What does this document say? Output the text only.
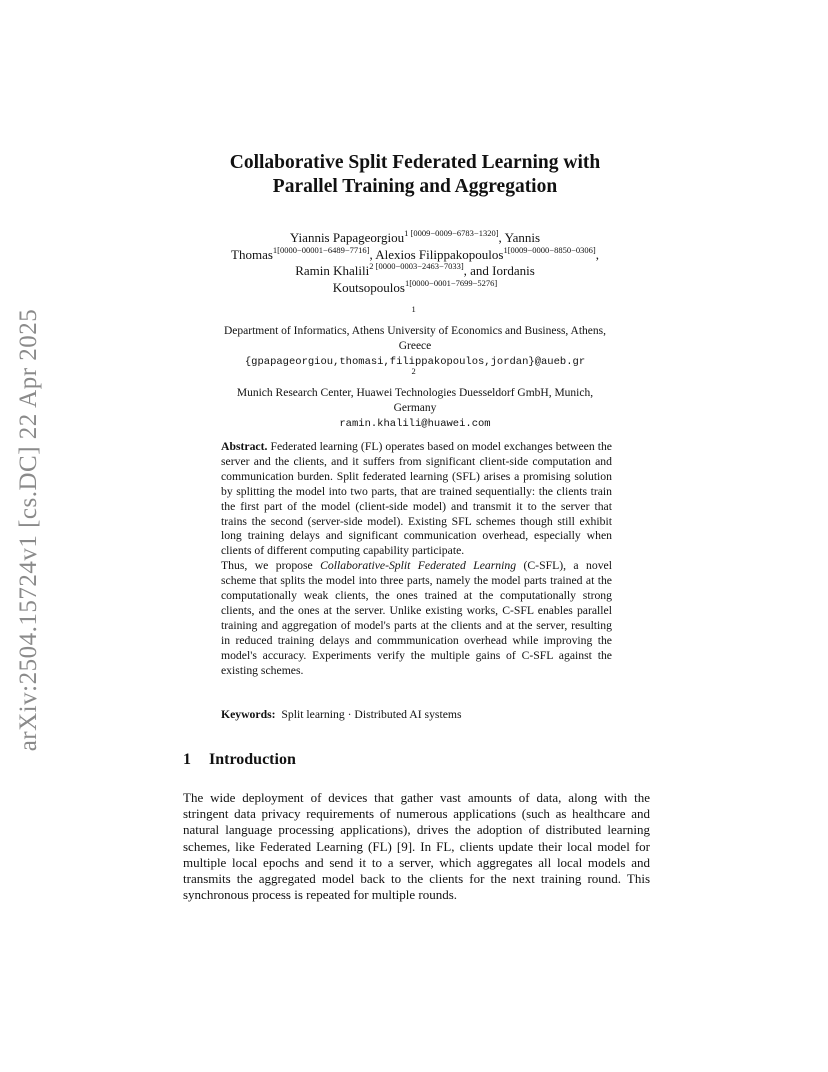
arXiv:2504.15724v1 [cs.DC] 22 Apr 2025
Collaborative Split Federated Learning with
Parallel Training and Aggregation
Yiannis Papageorgiou$^{1 [0009-0009-6783-1320]}$, Yannis
Thomas$^{1[0000-00001-6489-7716]}$, Alexios Filippakopoulos$^{1[0009-0000-8850-0306]}$,
Ramin Khalili$^{2 [0000-0003-2463-7033]}$, and Iordanis
Koutsopoulos$^{1[0000-0001-7699-5276]}$
$^1$
Department of Informatics, Athens University of Economics and Business, Athens,
Greece
{gpapageorgiou,thomasi,filippakopoulos,jordan}@aueb.gr
$^2$
Munich Research Center, Huawei Technologies Duesseldorf GmbH, Munich,
Germany
ramin.khalili@huawei.com

Abstract. Federated learning (FL) operates based on model exchanges between the server and the clients, and it suffers from significant client-side computation and communication burden. Split federated learning (SFL) arises a promising solution by splitting the model into two parts, that are trained sequentially: the clients train the first part of the model (client-side model) and transmit it to the server that trains the second (server-side model). Existing SFL schemes though still exhibit long training delays and significant communication overhead, especially when clients of different computing capability participate.

Thus, we propose Collaborative-Split Federated Learning (C-SFL), a novel scheme that splits the model into three parts, namely the model parts trained at the computationally weak clients, the ones trained at the computationally strong clients, and the ones at the server. Unlike existing works, C-SFL enables parallel training and aggregation of model's parts at the clients and at the server, resulting in reduced training delays and commmunication overhead while improving the model's accuracy. Experiments verify the multiple gains of C-SFL against the existing schemes.

Keywords: Split learning · Distributed AI systems
1 Introduction

The wide deployment of devices that gather vast amounts of data, along with the stringent data privacy requirements of numerous applications (such as healthcare and natural language processing applications), drives the adoption of distributed learning schemes, like Federated Learning (FL) [9]. In FL, clients update their local model for multiple local epochs and send it to a server, which aggregates all local models and transmits the aggregated model back to the clients for the next training round. This synchronous process is repeated for multiple rounds.
